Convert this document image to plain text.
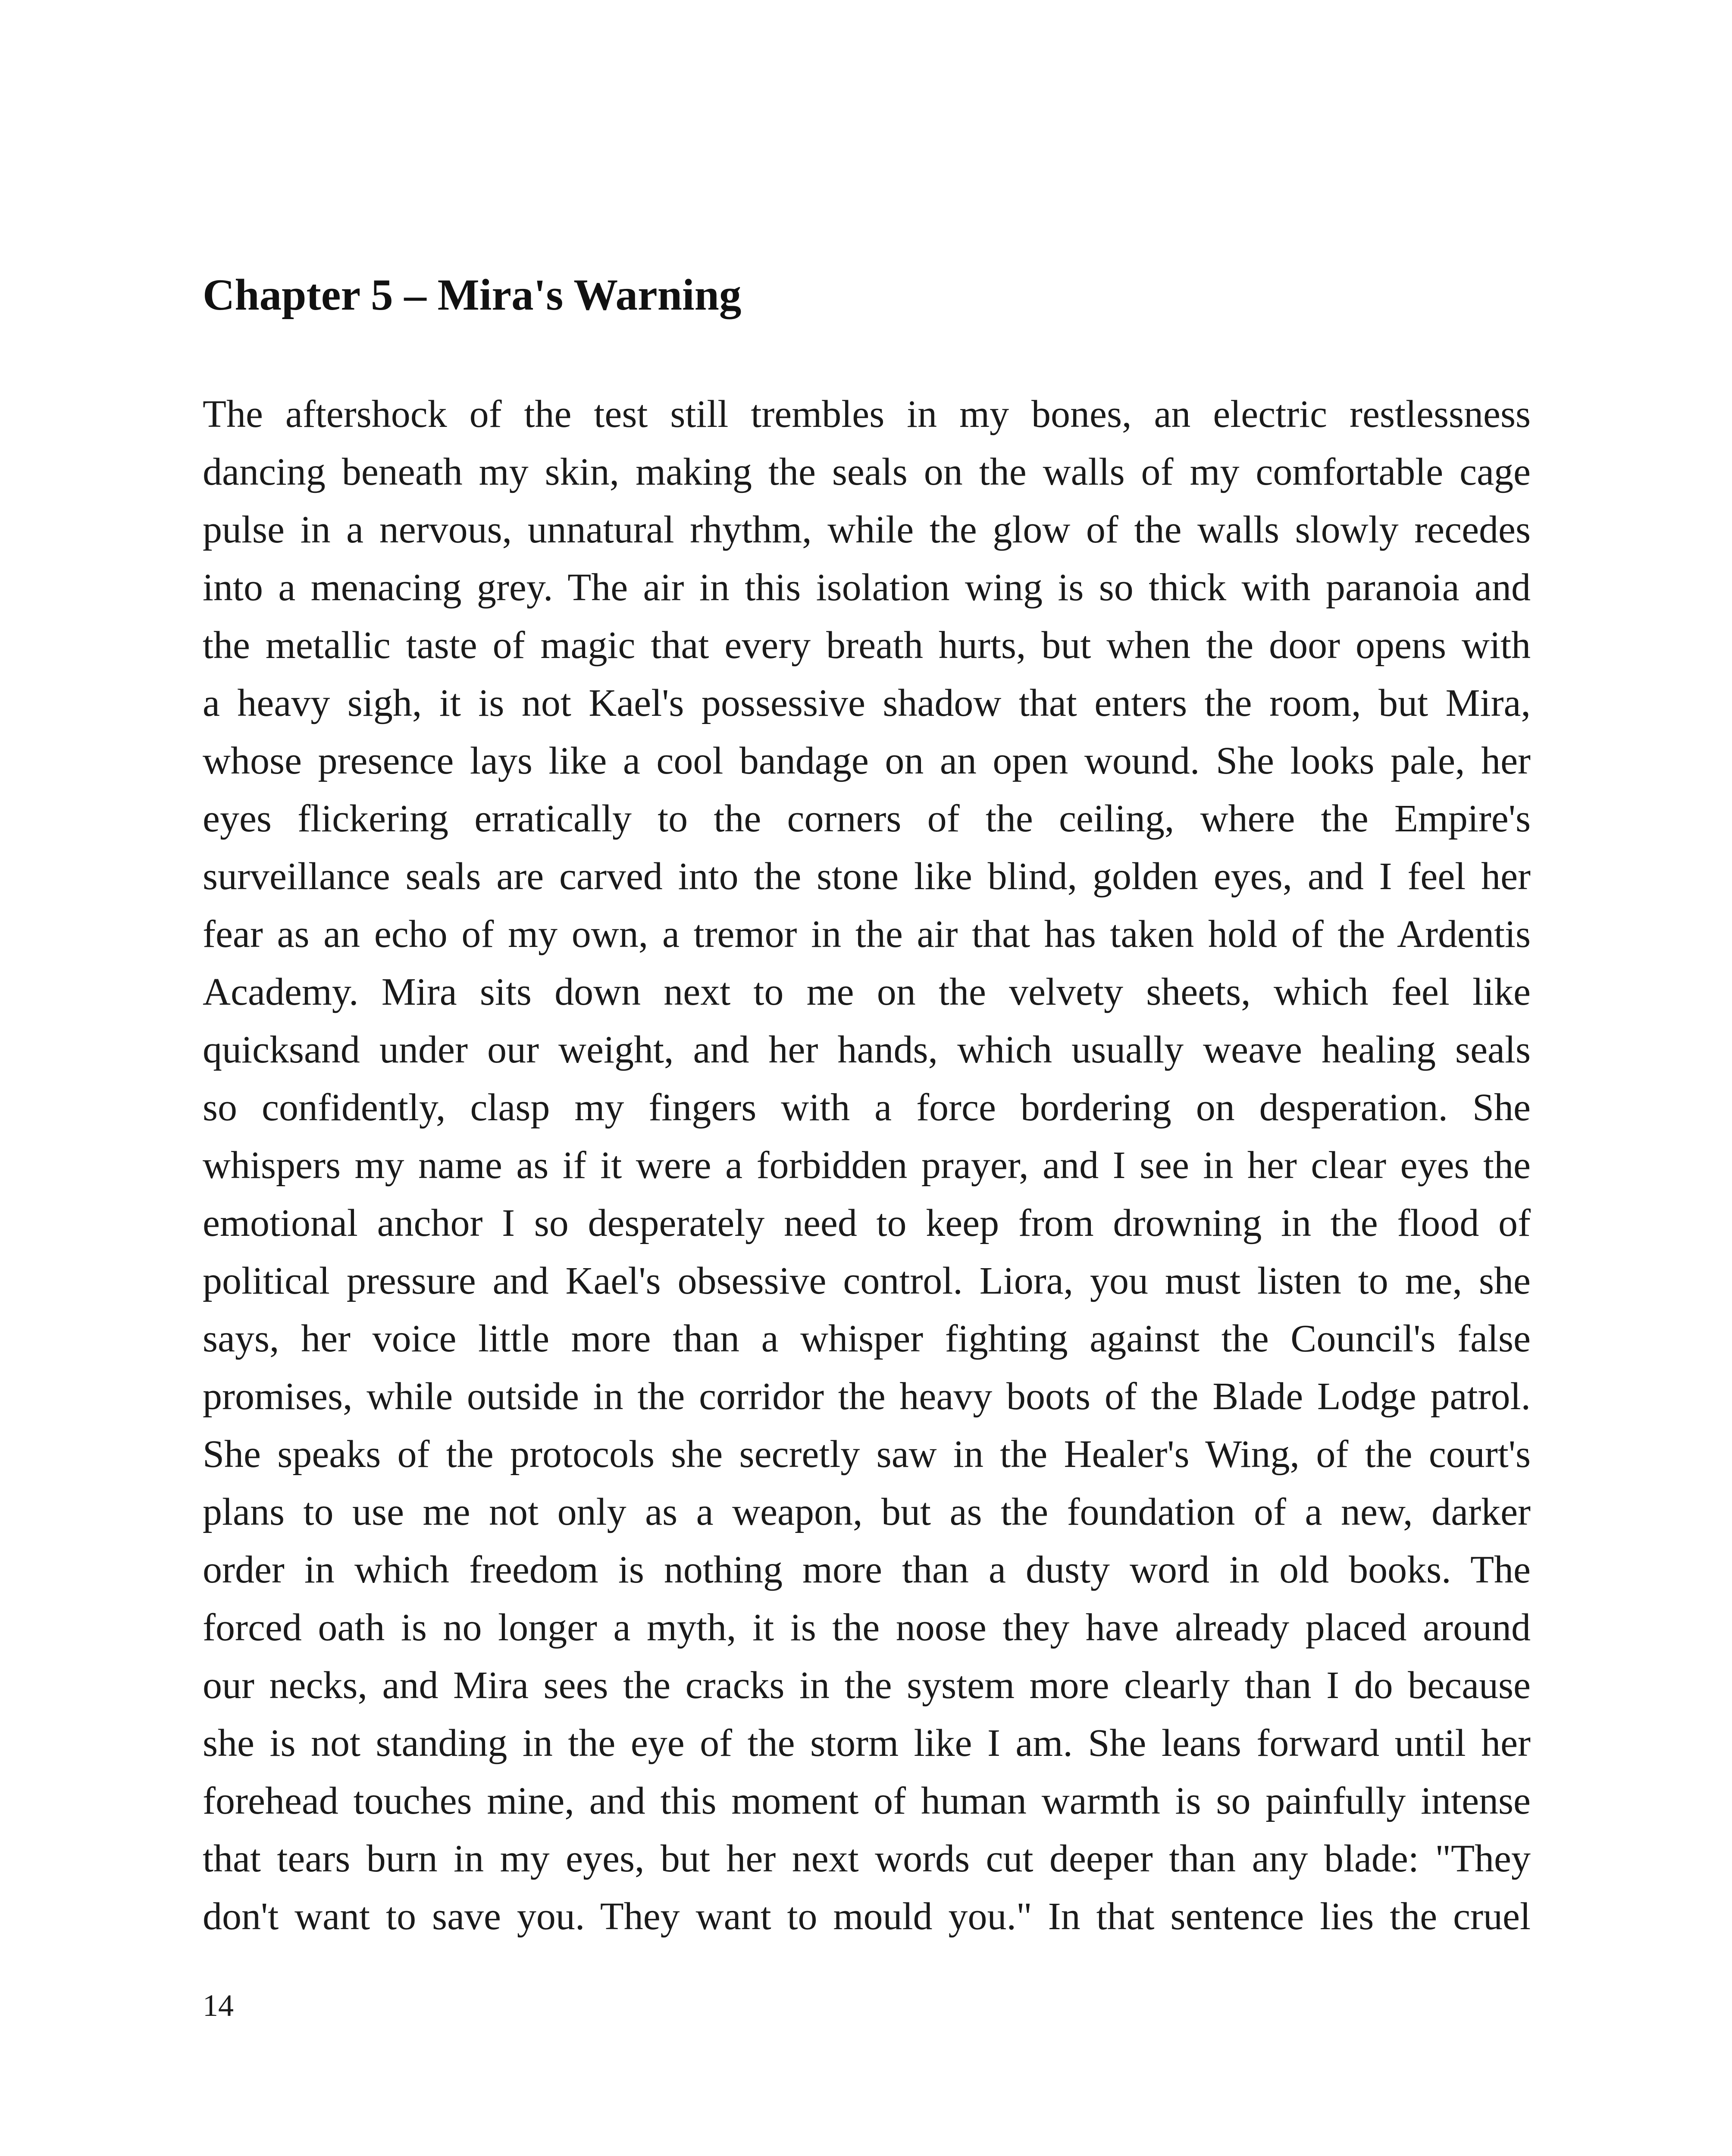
Chapter 5 – Mira's Warning
The aftershock of the test still trembles in my bones, an electric restlessness
dancing beneath my skin, making the seals on the walls of my comfortable cage
pulse in a nervous, unnatural rhythm, while the glow of the walls slowly recedes
into a menacing grey. The air in this isolation wing is so thick with paranoia and
the metallic taste of magic that every breath hurts, but when the door opens with
a heavy sigh, it is not Kael's possessive shadow that enters the room, but Mira,
whose presence lays like a cool bandage on an open wound. She looks pale, her
eyes flickering erratically to the corners of the ceiling, where the Empire's
surveillance seals are carved into the stone like blind, golden eyes, and I feel her
fear as an echo of my own, a tremor in the air that has taken hold of the Ardentis
Academy. Mira sits down next to me on the velvety sheets, which feel like
quicksand under our weight, and her hands, which usually weave healing seals
so confidently, clasp my fingers with a force bordering on desperation. She
whispers my name as if it were a forbidden prayer, and I see in her clear eyes the
emotional anchor I so desperately need to keep from drowning in the flood of
political pressure and Kael's obsessive control. Liora, you must listen to me, she
says, her voice little more than a whisper fighting against the Council's false
promises, while outside in the corridor the heavy boots of the Blade Lodge patrol.
She speaks of the protocols she secretly saw in the Healer's Wing, of the court's
plans to use me not only as a weapon, but as the foundation of a new, darker
order in which freedom is nothing more than a dusty word in old books. The
forced oath is no longer a myth, it is the noose they have already placed around
our necks, and Mira sees the cracks in the system more clearly than I do because
she is not standing in the eye of the storm like I am. She leans forward until her
forehead touches mine, and this moment of human warmth is so painfully intense
that tears burn in my eyes, but her next words cut deeper than any blade: "They
don't want to save you. They want to mould you." In that sentence lies the cruel

14
